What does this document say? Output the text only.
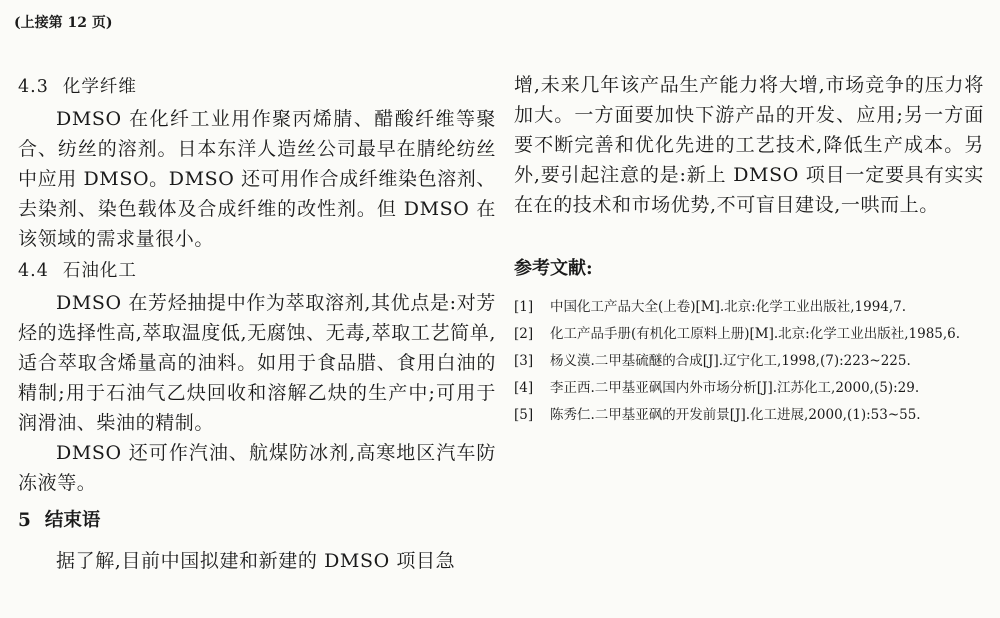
(上接第 12 页)
4.3 化学纤维

DMSO 在化纤工业用作聚丙烯腈、醋酸纤维等聚合、纺丝的溶剂。日本东洋人造丝公司最早在腈纶纺丝中应用 DMSO。DMSO 还可用作合成纤维染色溶剂、去染剂、染色载体及合成纤维的改性剂。但 DMSO 在该领域的需求量很小。

4.4 石油化工

DMSO 在芳烃抽提中作为萃取溶剂,其优点是:对芳烃的选择性高,萃取温度低,无腐蚀、无毒,萃取工艺简单,适合萃取含烯量高的油料。如用于食品腊、食用白油的精制;用于石油气乙炔回收和溶解乙炔的生产中;可用于润滑油、柴油的精制。

DMSO 还可作汽油、航煤防冰剂,高寒地区汽车防冻液等。

5 结束语

据了解,目前中国拟建和新建的 DMSO 项目急

增,未来几年该产品生产能力将大增,市场竞争的压力将加大。一方面要加快下游产品的开发、应用;另一方面要不断完善和优化先进的工艺技术,降低生产成本。另外,要引起注意的是:新上 DMSO 项目一定要具有实实在在的技术和市场优势,不可盲目建设,一哄而上。

参考文献:
[1]	中国化工产品大全(上卷)[M].北京:化学工业出版社,1994,7.
[2]	化工产品手册(有机化工原料上册)[M].北京:化学工业出版社,1985,6.
[3]	杨义漠.二甲基硫醚的合成[J].辽宁化工,1998,(7):223~225.
[4]	李正西.二甲基亚砜国内外市场分析[J].江苏化工,2000,(5):29.
[5]	陈秀仁.二甲基亚砜的开发前景[J].化工进展,2000,(1):53~55.
